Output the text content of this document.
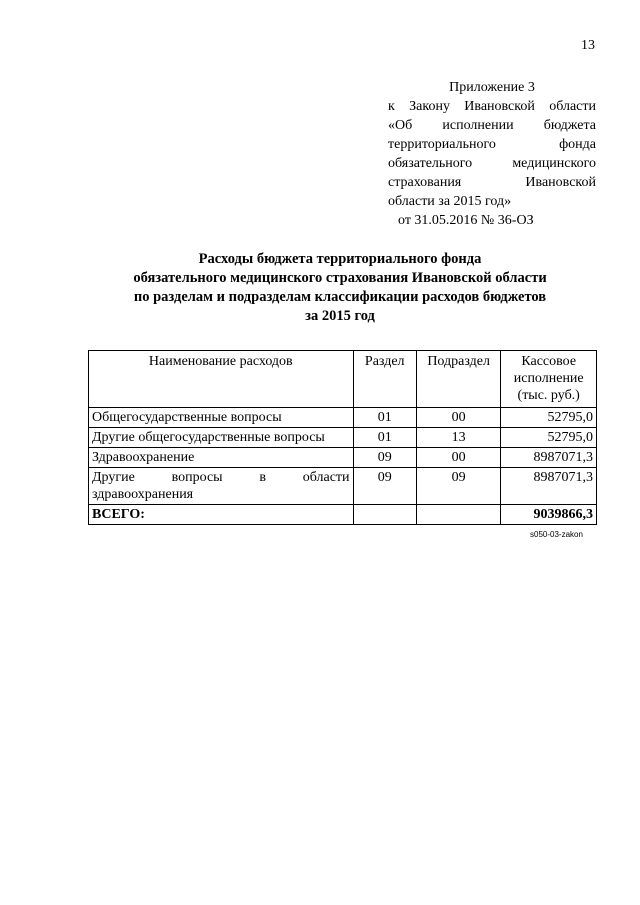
13
Приложение 3
к Закону Ивановской области
«Об исполнении бюджета
территориального	фонда
обязательного	медицинского
страхования	Ивановской
области за 2015 год»
от 31.05.2016 № 36-ОЗ
Расходы бюджета территориального фонда
обязательного медицинского страхования Ивановской области
по разделам и подразделам классификации расходов бюджетов
за 2015 год
Наименование расходов	Раздел	Подраздел	Кассовое
исполнение
(тыс. руб.)

Общегосударственные вопросы	01	00	52795,0
Другие общегосударственные вопросы	01	13	52795,0
Здравоохранение	09	00	8987071,3
Другие вопросы в области здравоохранения	09	09	8987071,3
ВСЕГО:			9039866,3
s050-03-zakon
